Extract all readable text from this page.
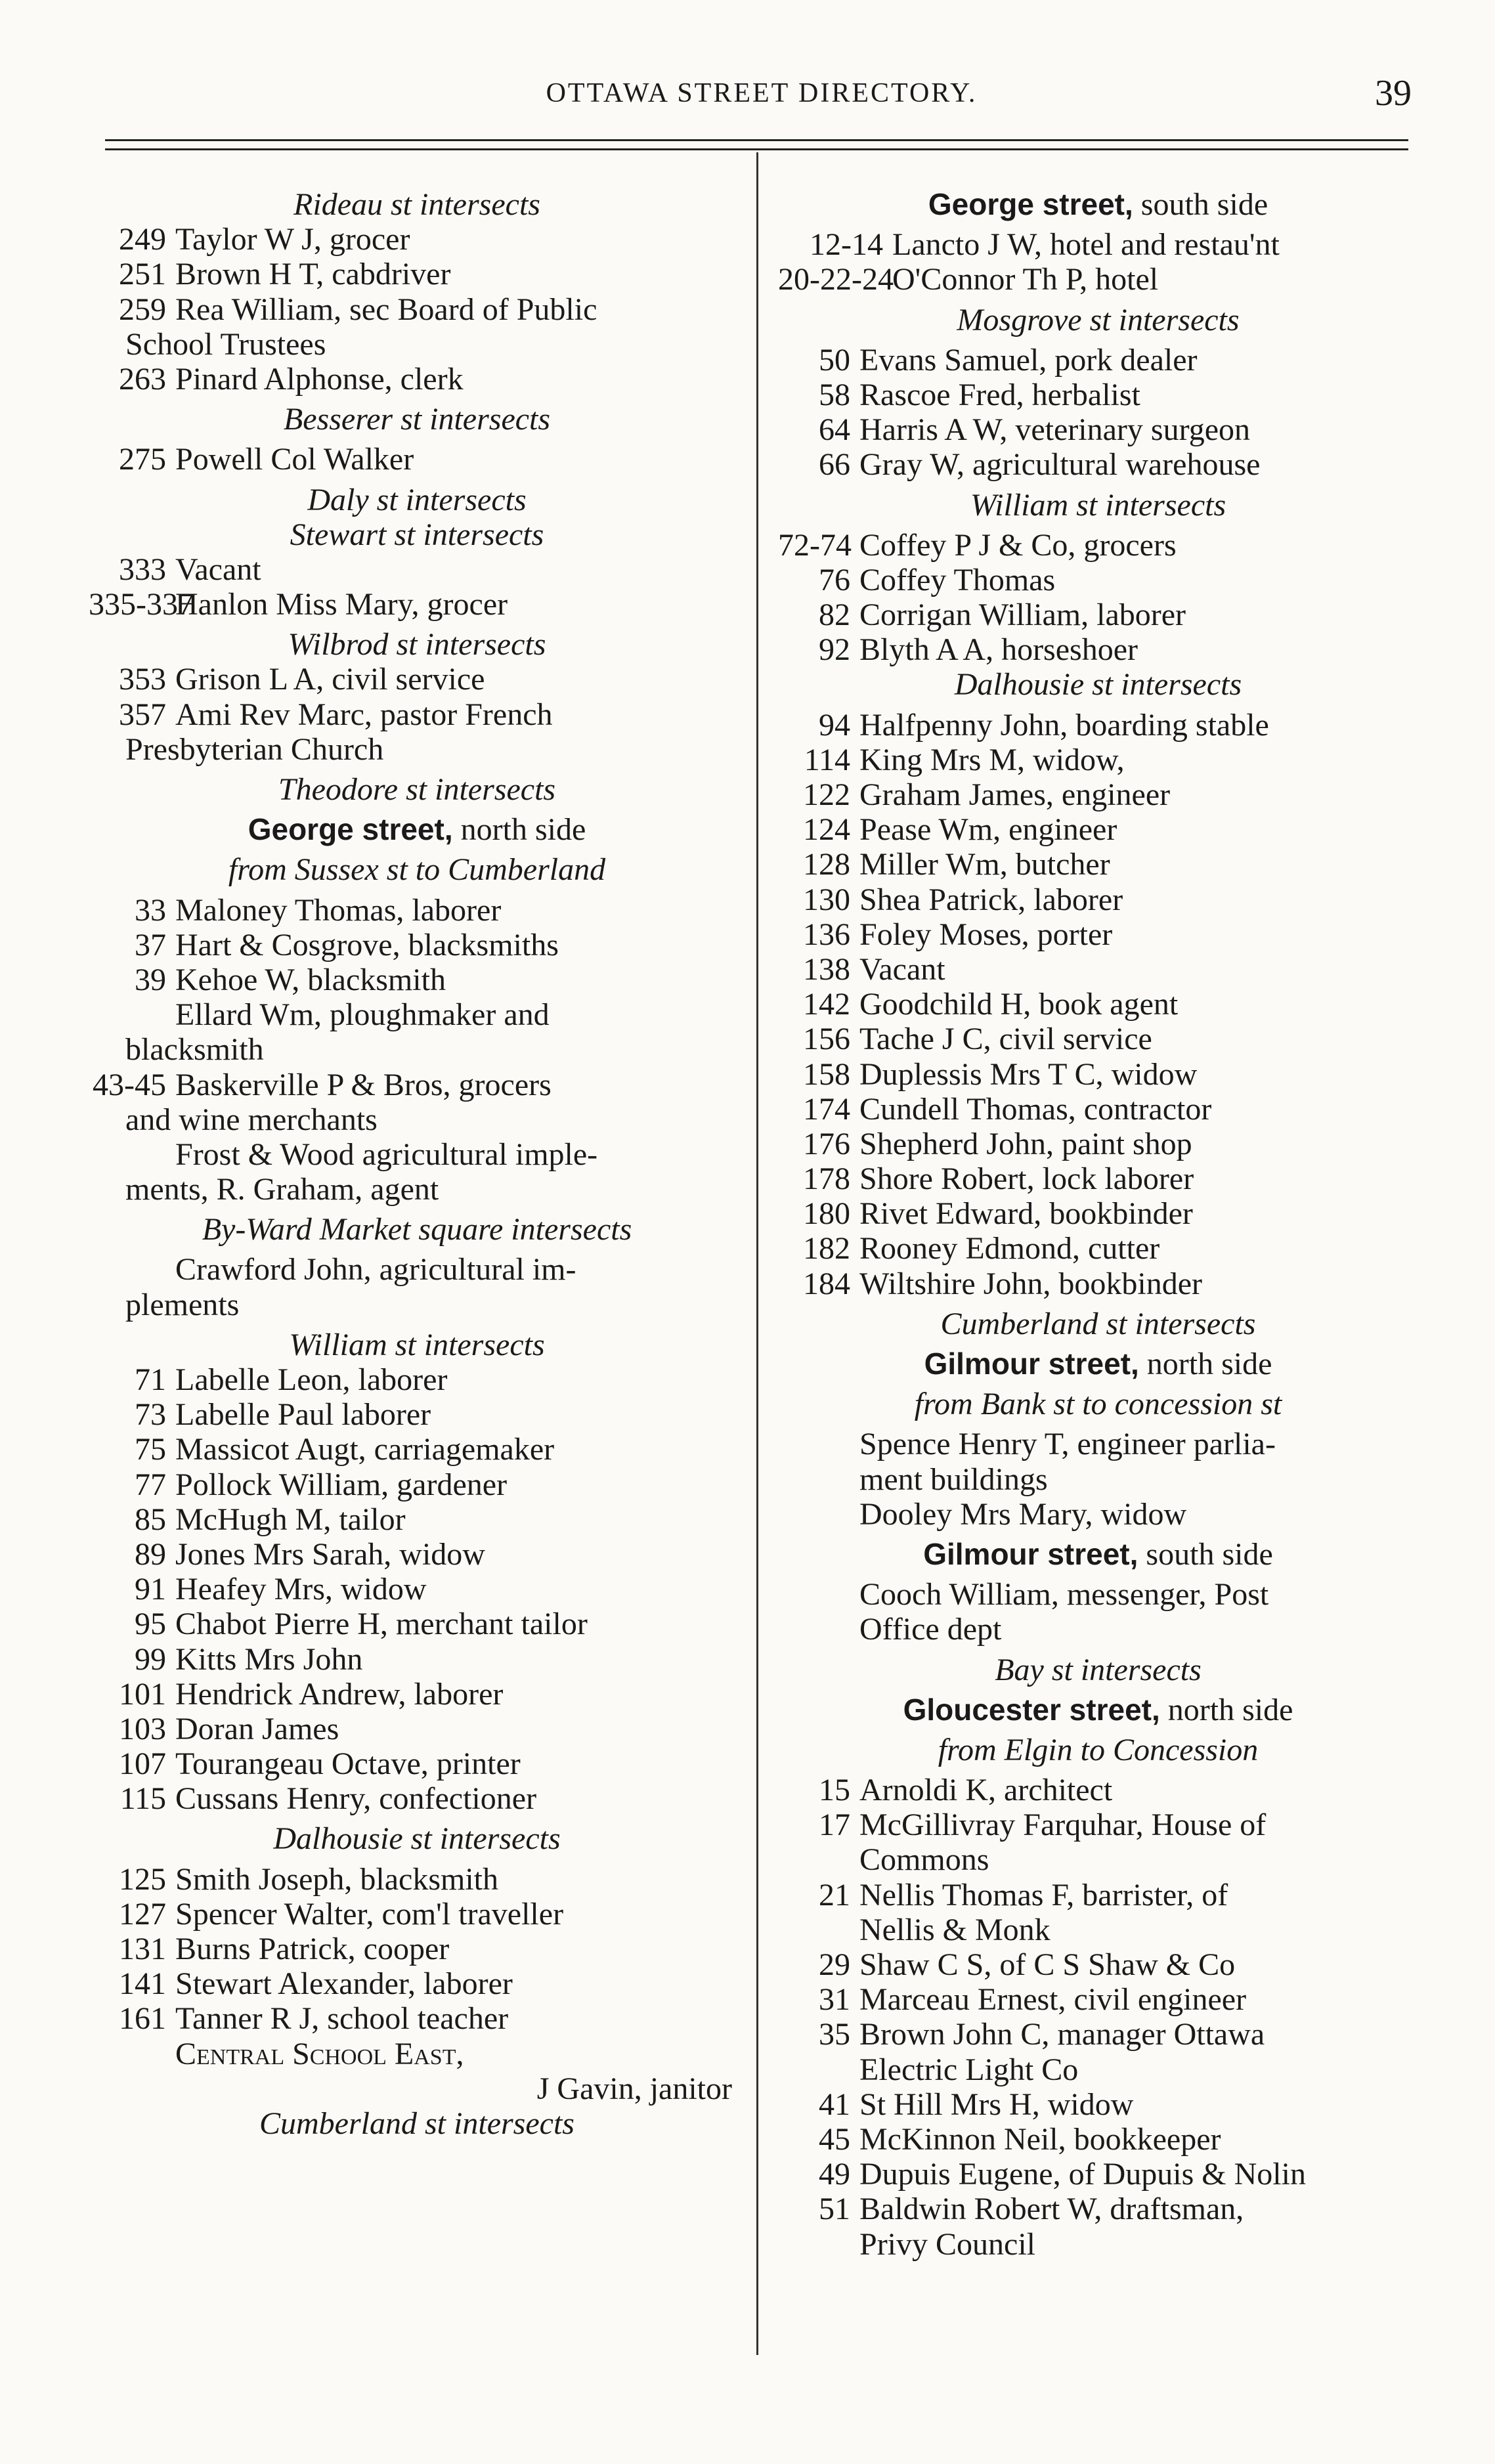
OTTAWA STREET DIRECTORY.	39
Rideau st intersects
249 Taylor W J, grocer
251 Brown H T, cabdriver
259 Rea William, sec Board of Public
School Trustees
263 Pinard Alphonse, clerk
Besserer st intersects
275 Powell Col Walker
Daly st intersects
Stewart st intersects
333 Vacant
335-337
Hanlon Miss Mary, grocer
Wilbrod st intersects
353 Grison L A, civil service
357 Ami Rev Marc, pastor French
Presbyterian Church
Theodore st intersects
George street, north side
from Sussex st to Cumberland
33 Maloney Thomas, laborer
37 Hart & Cosgrove, blacksmiths
39 Kehoe W, blacksmith
Ellard Wm, ploughmaker and
blacksmith
43-45 Baskerville P & Bros, grocers
and wine merchants
Frost & Wood agricultural imple-
ments, R. Graham, agent
By-Ward Market square intersects
Crawford John, agricultural im-
plements
William st intersects
71 Labelle Leon, laborer
73 Labelle Paul laborer
75 Massicot Augt, carriagemaker
77 Pollock William, gardener
85 McHugh M, tailor
89 Jones Mrs Sarah, widow
91 Heafey Mrs, widow
95 Chabot Pierre H, merchant tailor
99 Kitts Mrs John
101 Hendrick Andrew, laborer
103 Doran James
107 Tourangeau Octave, printer
115 Cussans Henry, confectioner
Dalhousie st intersects
125 Smith Joseph, blacksmith
127 Spencer Walter, com'l traveller
131 Burns Patrick, cooper
141 Stewart Alexander, laborer
161 Tanner R J, school teacher
Central School East,
J Gavin, janitor
Cumberland st intersects
George street, south side
12-14 Lancto J W, hotel and restau'nt
20-22-24
O'Connor Th P, hotel
Mosgrove st intersects
50 Evans Samuel, pork dealer
58 Rascoe Fred, herbalist
64 Harris A W, veterinary surgeon
66 Gray W, agricultural warehouse
William st intersects
72-74 Coffey P J & Co, grocers
76 Coffey Thomas
82 Corrigan William, laborer
92 Blyth A A, horseshoer
Dalhousie st intersects
94 Halfpenny John, boarding stable
114 King Mrs M, widow,
122 Graham James, engineer
124 Pease Wm, engineer
128 Miller Wm, butcher
130 Shea Patrick, laborer
136 Foley Moses, porter
138 Vacant
142 Goodchild H, book agent
156 Tache J C, civil service
158 Duplessis Mrs T C, widow
174 Cundell Thomas, contractor
176 Shepherd John, paint shop
178 Shore Robert, lock laborer
180 Rivet Edward, bookbinder
182 Rooney Edmond, cutter
184 Wiltshire John, bookbinder
Cumberland st intersects
Gilmour street, north side
from Bank st to concession st
Spence Henry T, engineer parlia-
ment buildings
Dooley Mrs Mary, widow
Gilmour street, south side
Cooch William, messenger, Post
Office dept
Bay st intersects
Gloucester street, north side
from Elgin to Concession
15 Arnoldi K, architect
17 McGillivray Farquhar, House of
Commons
21 Nellis Thomas F, barrister, of
Nellis & Monk
29 Shaw C S, of C S Shaw & Co
31 Marceau Ernest, civil engineer
35 Brown John C, manager Ottawa
Electric Light Co
41 St Hill Mrs H, widow
45 McKinnon Neil, bookkeeper
49 Dupuis Eugene, of Dupuis & Nolin
51 Baldwin Robert W, draftsman,
Privy Council
